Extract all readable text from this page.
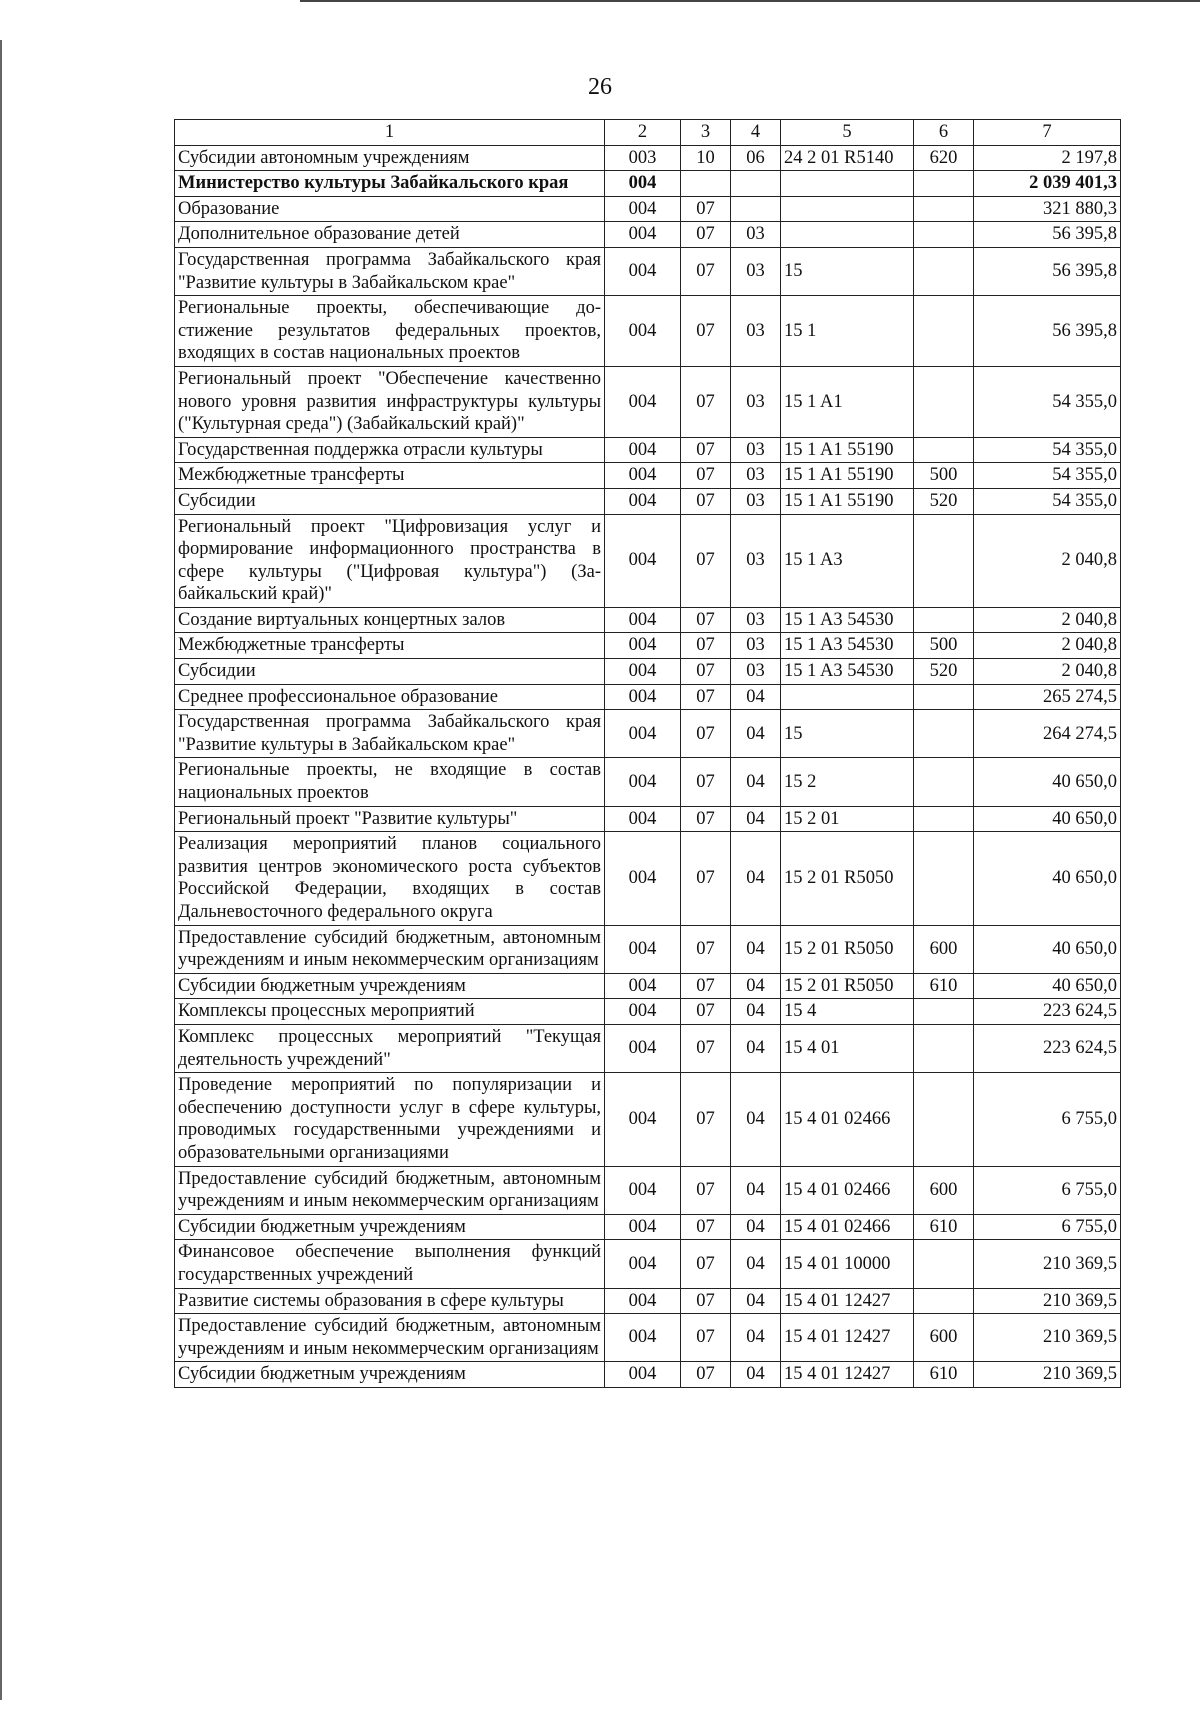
26
1	2	3	4	5	6	7
Субсидии автономным учреждениям	003	10	06	24 2 01 R5140	620	2 197,8
Министерство культуры Забайкальского края	004					2 039 401,3
Образование	004	07				321 880,3
Дополнительное образование детей	004	07	03			56 395,8
Государственная программа Забайкальского края "Развитие культуры в Забайкальском крае"	004	07	03	15		56 395,8
Региональные проекты, обеспечивающие достижение результатов федеральных проектов, входящих в состав национальных проектов	004	07	03	15 1		56 395,8
Региональный проект "Обеспечение качественно нового уровня развития инфраструктуры культуры ("Культурная среда") (Забайкальский край)"	004	07	03	15 1 A1		54 355,0
Государственная поддержка отрасли культуры	004	07	03	15 1 A1 55190		54 355,0
Межбюджетные трансферты	004	07	03	15 1 A1 55190	500	54 355,0
Субсидии	004	07	03	15 1 A1 55190	520	54 355,0
Региональный проект "Цифровизация услуг и формирование информационного пространства в сфере культуры ("Цифровая культура") (Забайкальский край)"	004	07	03	15 1 A3		2 040,8
Создание виртуальных концертных залов	004	07	03	15 1 A3 54530		2 040,8
Межбюджетные трансферты	004	07	03	15 1 A3 54530	500	2 040,8
Субсидии	004	07	03	15 1 A3 54530	520	2 040,8
Среднее профессиональное образование	004	07	04			265 274,5
Государственная программа Забайкальского края "Развитие культуры в Забайкальском крае"	004	07	04	15		264 274,5
Региональные проекты, не входящие в состав национальных проектов	004	07	04	15 2		40 650,0
Региональный проект "Развитие культуры"	004	07	04	15 2 01		40 650,0
Реализация мероприятий планов социального развития центров экономического роста субъектов Российской Федерации, входящих в состав Дальневосточного федерального округа	004	07	04	15 2 01 R5050		40 650,0
Предоставление субсидий бюджетным, автономным учреждениям и иным некоммерческим организациям	004	07	04	15 2 01 R5050	600	40 650,0
Субсидии бюджетным учреждениям	004	07	04	15 2 01 R5050	610	40 650,0
Комплексы процессных мероприятий	004	07	04	15 4		223 624,5
Комплекс процессных мероприятий "Текущая деятельность учреждений"	004	07	04	15 4 01		223 624,5
Проведение мероприятий по популяризации и обеспечению доступности услуг в сфере культуры, проводимых государственными учреждениями и образовательными организациями	004	07	04	15 4 01 02466		6 755,0
Предоставление субсидий бюджетным, автономным учреждениям и иным некоммерческим организациям	004	07	04	15 4 01 02466	600	6 755,0
Субсидии бюджетным учреждениям	004	07	04	15 4 01 02466	610	6 755,0
Финансовое обеспечение выполнения функций государственных учреждений	004	07	04	15 4 01 10000		210 369,5
Развитие системы образования в сфере культуры	004	07	04	15 4 01 12427		210 369,5
Предоставление субсидий бюджетным, автономным учреждениям и иным некоммерческим организациям	004	07	04	15 4 01 12427	600	210 369,5
Субсидии бюджетным учреждениям	004	07	04	15 4 01 12427	610	210 369,5
